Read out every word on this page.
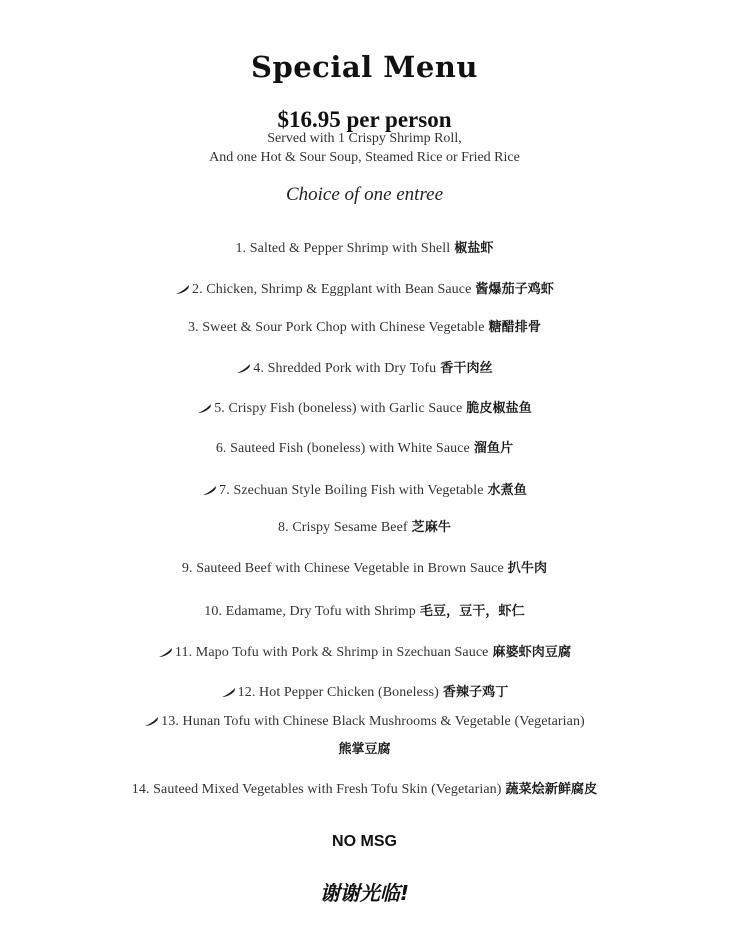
Special Menu
$16.95 per person
Served with 1 Crispy Shrimp Roll,
And one Hot & Sour Soup, Steamed Rice or Fried Rice
Choice of one entree
1. Salted & Pepper Shrimp with Shell 椒盐虾
2. Chicken, Shrimp & Eggplant with Bean Sauce 酱爆茄子鸡虾
3. Sweet & Sour Pork Chop with Chinese Vegetable 糖醋排骨
4. Shredded Pork with Dry Tofu 香干肉丝
5. Crispy Fish (boneless) with Garlic Sauce 脆皮椒盐鱼
6. Sauteed Fish (boneless) with White Sauce 溜鱼片
7. Szechuan Style Boiling Fish with Vegetable 水煮鱼
8. Crispy Sesame Beef 芝麻牛
9. Sauteed Beef with Chinese Vegetable in Brown Sauce 扒牛肉
10. Edamame, Dry Tofu with Shrimp 毛豆，豆干，虾仁
11. Mapo Tofu with Pork & Shrimp in Szechuan Sauce 麻婆虾肉豆腐
12. Hot Pepper Chicken (Boneless) 香辣子鸡丁
13. Hunan Tofu with Chinese Black Mushrooms & Vegetable (Vegetarian)
14. Sauteed Mixed Vegetables with Fresh Tofu Skin (Vegetarian) 蔬菜烩新鲜腐皮
熊掌豆腐
NO MSG
谢谢光临!
